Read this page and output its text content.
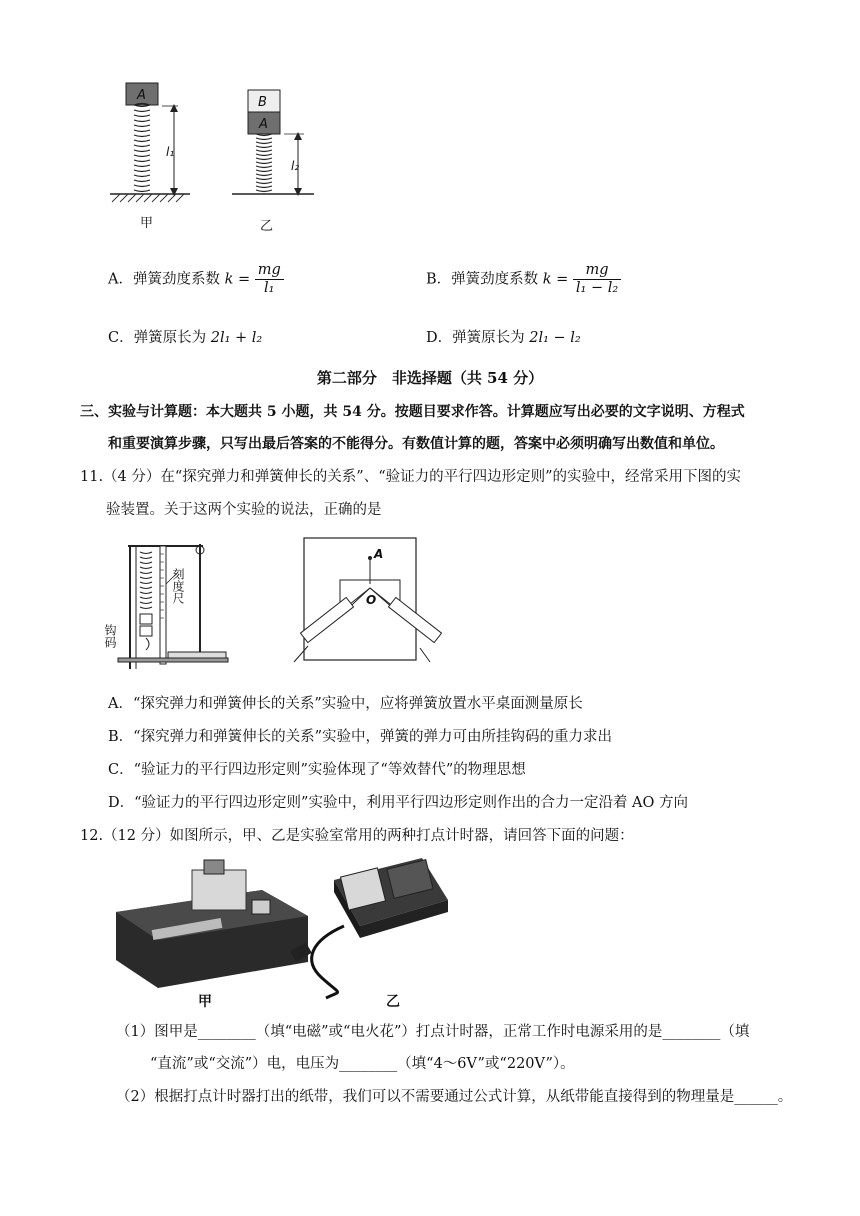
A
l₁
甲
B
A
l₂
乙
A．弹簧劲度系数 $k = \frac{mg}{\text{l₁}}$	B．弹簧劲度系数 $k = \frac{mg}{\text{l₁ − l₂}}$
C．弹簧原长为 2l₁ + l₂	D．弹簧原长为 2l₁ − l₂
第二部分　非选择题（共 54 分）
三、实验与计算题：本大题共 5 小题，共 54 分。按题目要求作答。计算题应写出必要的文字说明、方程式
和重要演算步骤，只写出最后答案的不能得分。有数值计算的题，答案中必须明确写出数值和单位。
11.（4 分）在“探究弹力和弹簧伸长的关系”、“验证力的平行四边形定则”的实验中，经常采用下图的实
验装置。关于这两个实验的说法，正确的是
刻度尺
钩码
A
O
A．“探究弹力和弹簧伸长的关系”实验中，应将弹簧放置水平桌面测量原长
B．“探究弹力和弹簧伸长的关系”实验中，弹簧的弹力可由所挂钩码的重力求出
C．“验证力的平行四边形定则”实验体现了“等效替代”的物理思想
D．“验证力的平行四边形定则”实验中，利用平行四边形定则作出的合力一定沿着 AO 方向
12.（12 分）如图所示，甲、乙是实验室常用的两种打点计时器，请回答下面的问题：
甲	乙
（1）图甲是________（填“电磁”或“电火花”）打点计时器，正常工作时电源采用的是________（填
“直流”或“交流”）电，电压为________（填“4～6V”或“220V”）。
（2）根据打点计时器打出的纸带，我们可以不需要通过公式计算，从纸带能直接得到的物理量是______。
